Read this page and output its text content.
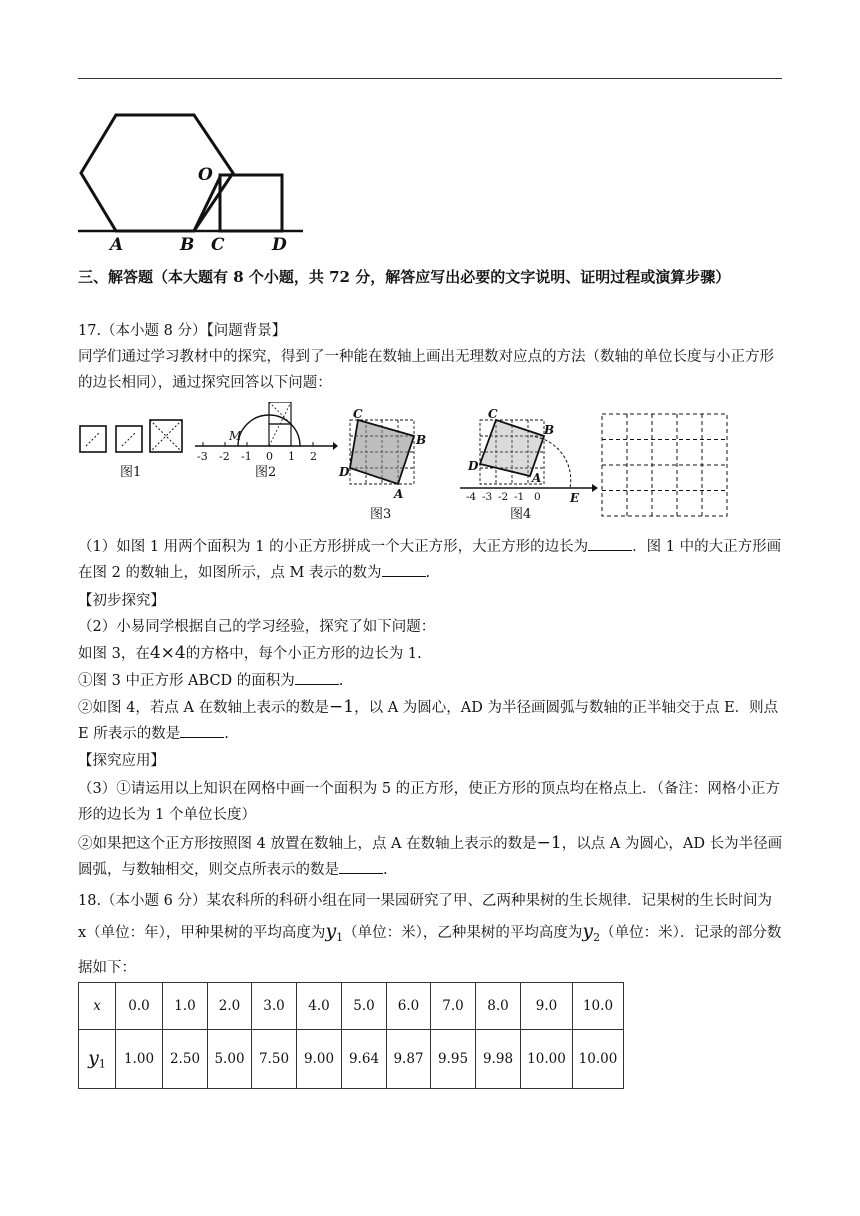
O
A	B C	D
三、解答题（本大题有 8 个小题，共 72 分，解答应写出必要的文字说明、证明过程或演算步骤）
17.（本小题 8 分）【问题背景】
同学们通过学习教材中的探究，得到了一种能在数轴上画出无理数对应点的方法（数轴的单位长度与小正方形的边长相同），通过探究回答以下问题：
图1
M
-3 -2 -1 0 1 2
图2
C
B
D
A
图3
C
B
D
A
E
-4 -3 -2 -1 0
图4
（1）如图 1 用两个面积为 1 的小正方形拼成一个大正方形，大正方形的边长为	．图 1 中的大正方形画在图 2 的数轴上，如图所示，点 M 表示的数为	.
【初步探究】
（2）小易同学根据自己的学习经验，探究了如下问题：
如图 3，在4×4的方格中，每个小正方形的边长为 1.
①图 3 中正方形 ABCD 的面积为	.
②如图 4，若点 A 在数轴上表示的数是−1，以 A 为圆心，AD 为半径画圆弧与数轴的正半轴交于点 E．则点 E 所表示的数是	.
【探究应用】
（3）①请运用以上知识在网格中画一个面积为 5 的正方形，使正方形的顶点均在格点上．（备注：网格小正方形的边长为 1 个单位长度）
②如果把这个正方形按照图 4 放置在数轴上，点 A 在数轴上表示的数是−1，以点 A 为圆心，AD 长为半径画圆弧，与数轴相交，则交点所表示的数是	.
18.（本小题 6 分）某农科所的科研小组在同一果园研究了甲、乙两种果树的生长规律．记果树的生长时间为 x（单位：年），甲种果树的平均高度为$y_1$（单位：米），乙种果树的平均高度为$y_2$（单位：米）．记录的部分数据如下：
x	0.0	1.0	2.0	3.0	4.0	5.0	6.0	7.0	8.0	9.0	10.0
$y_1$	1.00	2.50	5.00	7.50	9.00	9.64	9.87	9.95	9.98	10.00	10.00
